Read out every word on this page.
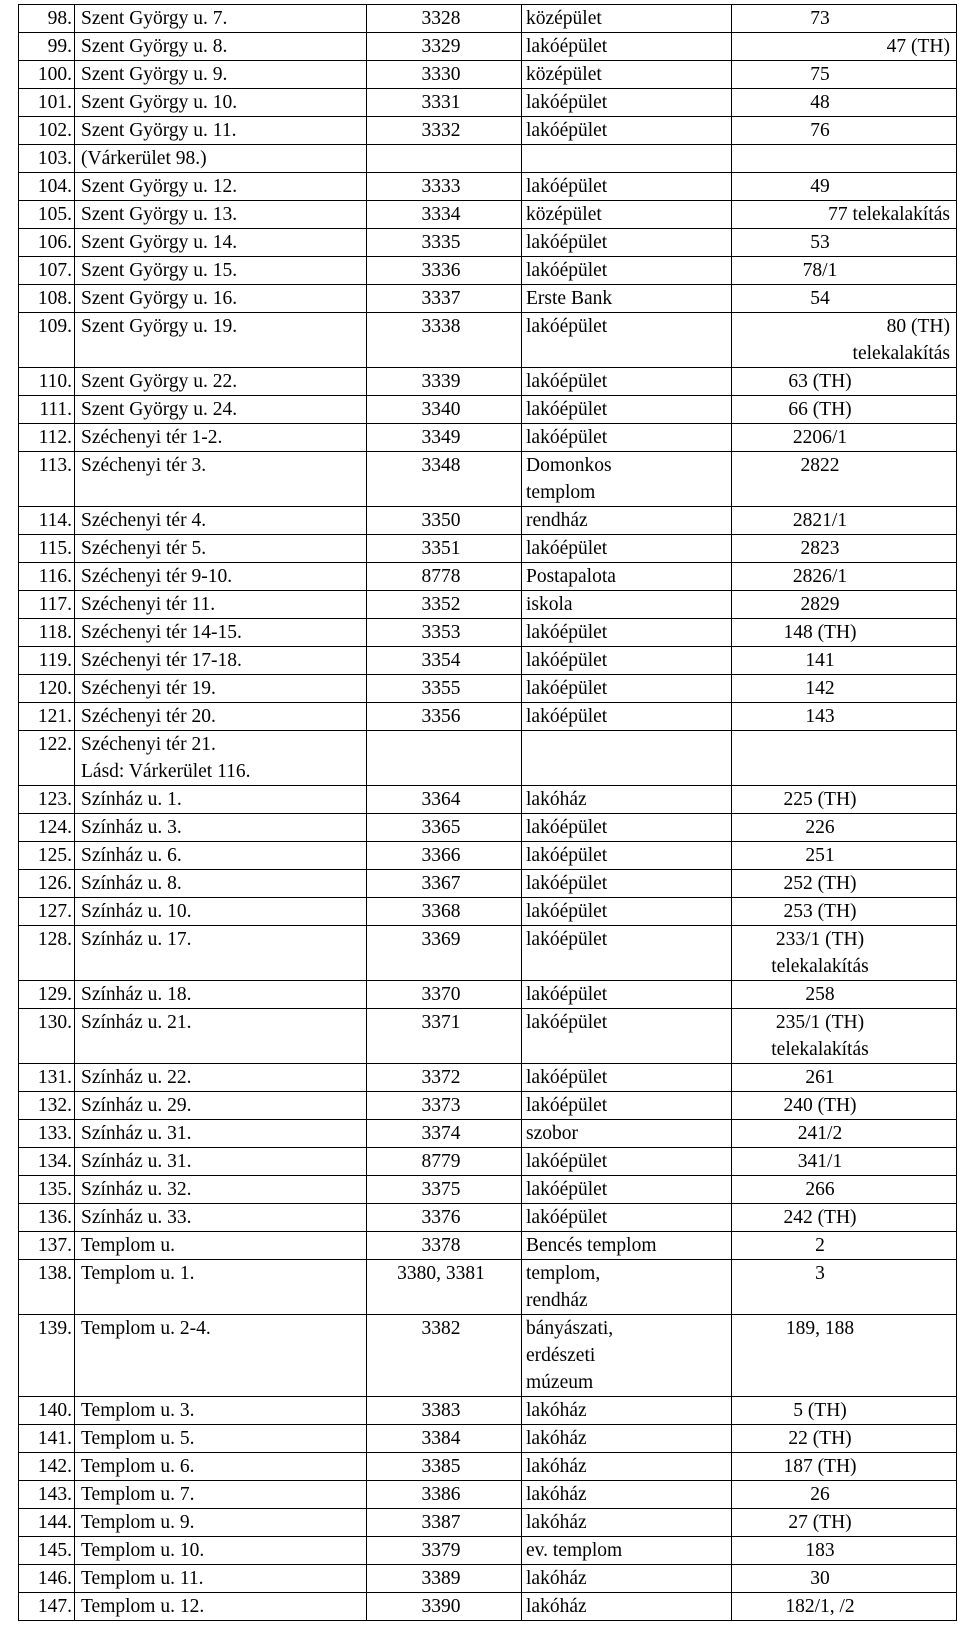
98.	Szent György u. 7.	3328	középület	73

99.	Szent György u. 8.	3329	lakóépület	47 (TH)

100.	Szent György u. 9.	3330	középület	75

101.	Szent György u. 10.	3331	lakóépület	48

102.	Szent György u. 11.	3332	lakóépület	76

103.	(Várkerület 98.)			

104.	Szent György u. 12.	3333	lakóépület	49

105.	Szent György u. 13.	3334	középület	77 telekalakítás

106.	Szent György u. 14.	3335	lakóépület	53

107.	Szent György u. 15.	3336	lakóépület	78/1

108.	Szent György u. 16.	3337	Erste Bank	54

109.	Szent György u. 19.	3338	lakóépület	80 (TH)
telekalakítás

110.	Szent György u. 22.	3339	lakóépület	63 (TH)

111.	Szent György u. 24.	3340	lakóépület	66 (TH)

112.	Széchenyi tér 1-2.	3349	lakóépület	2206/1

113.	Széchenyi tér 3.	3348	Domonkos
templom	2822

114.	Széchenyi tér 4.	3350	rendház	2821/1

115.	Széchenyi tér 5.	3351	lakóépület	2823

116.	Széchenyi tér 9-10.	8778	Postapalota	2826/1

117.	Széchenyi tér 11.	3352	iskola	2829

118.	Széchenyi tér 14-15.	3353	lakóépület	148 (TH)

119.	Széchenyi tér 17-18.	3354	lakóépület	141

120.	Széchenyi tér 19.	3355	lakóépület	142

121.	Széchenyi tér 20.	3356	lakóépület	143

122.	Széchenyi tér 21.
Lásd: Várkerület 116.			

123.	Színház u. 1.	3364	lakóház	225 (TH)

124.	Színház u. 3.	3365	lakóépület	226

125.	Színház u. 6.	3366	lakóépület	251

126.	Színház u. 8.	3367	lakóépület	252 (TH)

127.	Színház u. 10.	3368	lakóépület	253 (TH)

128.	Színház u. 17.	3369	lakóépület	233/1 (TH)
telekalakítás

129.	Színház u. 18.	3370	lakóépület	258

130.	Színház u. 21.	3371	lakóépület	235/1 (TH)
telekalakítás

131.	Színház u. 22.	3372	lakóépület	261

132.	Színház u. 29.	3373	lakóépület	240 (TH)

133.	Színház u. 31.	3374	szobor	241/2

134.	Színház u. 31.	8779	lakóépület	341/1

135.	Színház u. 32.	3375	lakóépület	266

136.	Színház u. 33.	3376	lakóépület	242 (TH)

137.	Templom u.	3378	Bencés templom	2

138.	Templom u. 1.	3380, 3381	templom,
rendház	3

139.	Templom u. 2-4.	3382	bányászati,
erdészeti
múzeum	189, 188

140.	Templom u. 3.	3383	lakóház	5 (TH)

141.	Templom u. 5.	3384	lakóház	22 (TH)

142.	Templom u. 6.	3385	lakóház	187 (TH)

143.	Templom u. 7.	3386	lakóház	26

144.	Templom u. 9.	3387	lakóház	27 (TH)

145.	Templom u. 10.	3379	ev. templom	183

146.	Templom u. 11.	3389	lakóház	30

147.	Templom u. 12.	3390	lakóház	182/1, /2
